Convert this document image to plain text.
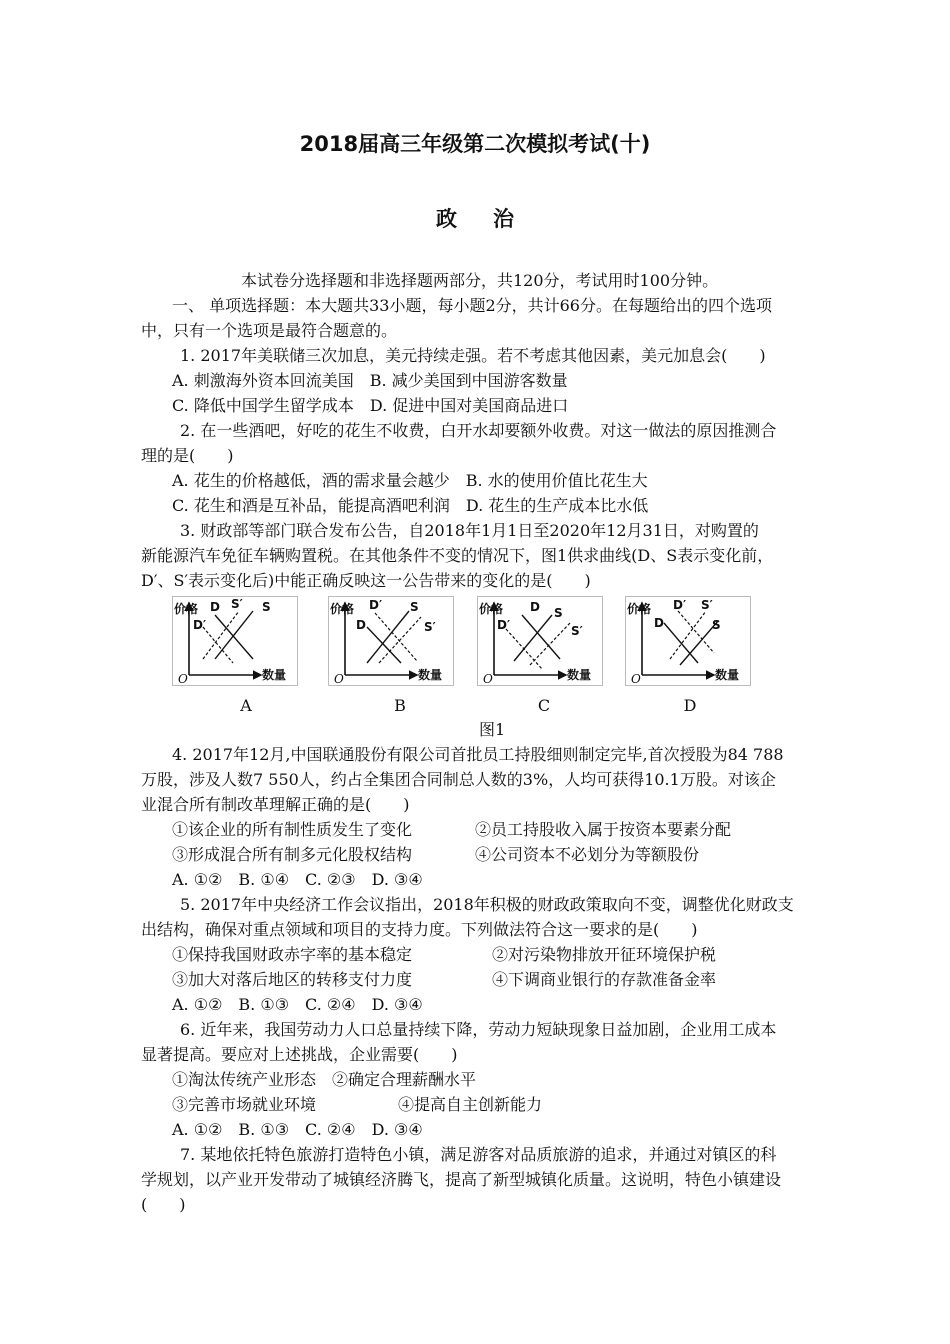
2018届高三年级第二次模拟考试(十)
政治
本试卷分选择题和非选择题两部分，共120分，考试用时100分钟。
一、 单项选择题：本大题共33小题，每小题2分，共计66分。在每题给出的四个选项
中，只有一个选项是最符合题意的。
1. 2017年美联储三次加息，美元持续走强。若不考虑其他因素，美元加息会(　　)
A. 刺激海外资本回流美国　B. 减少美国到中国游客数量
C. 降低中国学生留学成本　D. 促进中国对美国商品进口
2. 在一些酒吧，好吃的花生不收费，白开水却要额外收费。对这一做法的原因推测合
理的是(　　)
A. 花生的价格越低，酒的需求量会越少　B. 水的使用价值比花生大
C. 花生和酒是互补品，能提高酒吧利润　D. 花生的生产成本比水低
3. 财政部等部门联合发布公告，自2018年1月1日至2020年12月31日，对购置的
新能源汽车免征车辆购置税。在其他条件不变的情况下，图1供求曲线(D、S表示变化前，
D′、S′表示变化后)中能正确反映这一公告带来的变化的是(　　)
价格
数量
O
D S′ S
D′
价格
数量
O
D′ S
D	S′
价格
数量
O
D S
D′	S′
价格
数量
O
D′ S′
D	S
A	B	C	D
图1
4. 2017年12月,中国联通股份有限公司首批员工持股细则制定完毕,首次授股为84 788
万股，涉及人数7 550人，约占全集团合同制总人数的3%，人均可获得10.1万股。对该企
业混合所有制改革理解正确的是(　　)
①该企业的所有制性质发生了变化	②员工持股收入属于按资本要素分配
③形成混合所有制多元化股权结构	④公司资本不必划分为等额股份
A. ①②　B. ①④　C. ②③　D. ③④
5. 2017年中央经济工作会议指出，2018年积极的财政政策取向不变，调整优化财政支
出结构，确保对重点领域和项目的支持力度。下列做法符合这一要求的是(　　)
①保持我国财政赤字率的基本稳定	②对污染物排放开征环境保护税
③加大对落后地区的转移支付力度	④下调商业银行的存款准备金率
A. ①②　B. ①③　C. ②④　D. ③④
6. 近年来，我国劳动力人口总量持续下降，劳动力短缺现象日益加剧，企业用工成本
显著提高。要应对上述挑战，企业需要(　　)
①淘汰传统产业形态　②确定合理薪酬水平
③完善市场就业环境	④提高自主创新能力
A. ①②　B. ①③　C. ②④　D. ③④
7. 某地依托特色旅游打造特色小镇，满足游客对品质旅游的追求，并通过对镇区的科
学规划，以产业开发带动了城镇经济腾飞，提高了新型城镇化质量。这说明，特色小镇建设
(　　)
